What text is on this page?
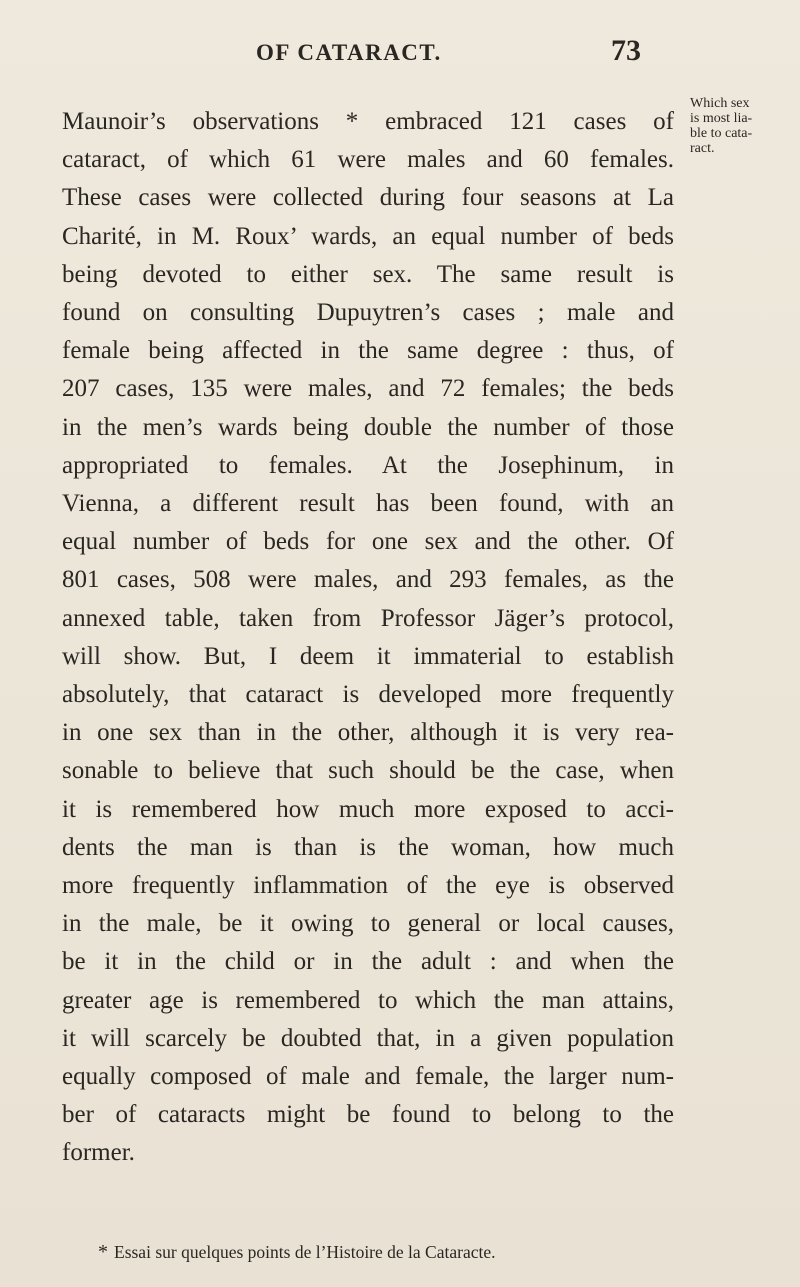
OF CATARACT.	73
Which sex
is most lia-
ble to cata-
ract.
Maunoir’s observations * embraced 121 cases of
cataract, of which 61 were males and 60 females.
These cases were collected during four seasons at La
Charité, in M. Roux’ wards, an equal number of beds
being devoted to either sex. The same result is
found on consulting Dupuytren’s cases ; male and
female being affected in the same degree : thus, of
207 cases, 135 were males, and 72 females; the beds
in the men’s wards being double the number of those
appropriated to females. At the Josephinum, in
Vienna, a different result has been found, with an
equal number of beds for one sex and the other. Of
801 cases, 508 were males, and 293 females, as the
annexed table, taken from Professor Jäger’s protocol,
will show. But, I deem it immaterial to establish
absolutely, that cataract is developed more frequently
in one sex than in the other, although it is very rea-
sonable to believe that such should be the case, when
it is remembered how much more exposed to acci-
dents the man is than is the woman, how much
more frequently inflammation of the eye is observed
in the male, be it owing to general or local causes,
be it in the child or in the adult : and when the
greater age is remembered to which the man attains,
it will scarcely be doubted that, in a given population
equally composed of male and female, the larger num-
ber of cataracts might be found to belong to the
former.
* Essai sur quelques points de l’Histoire de la Cataracte.
